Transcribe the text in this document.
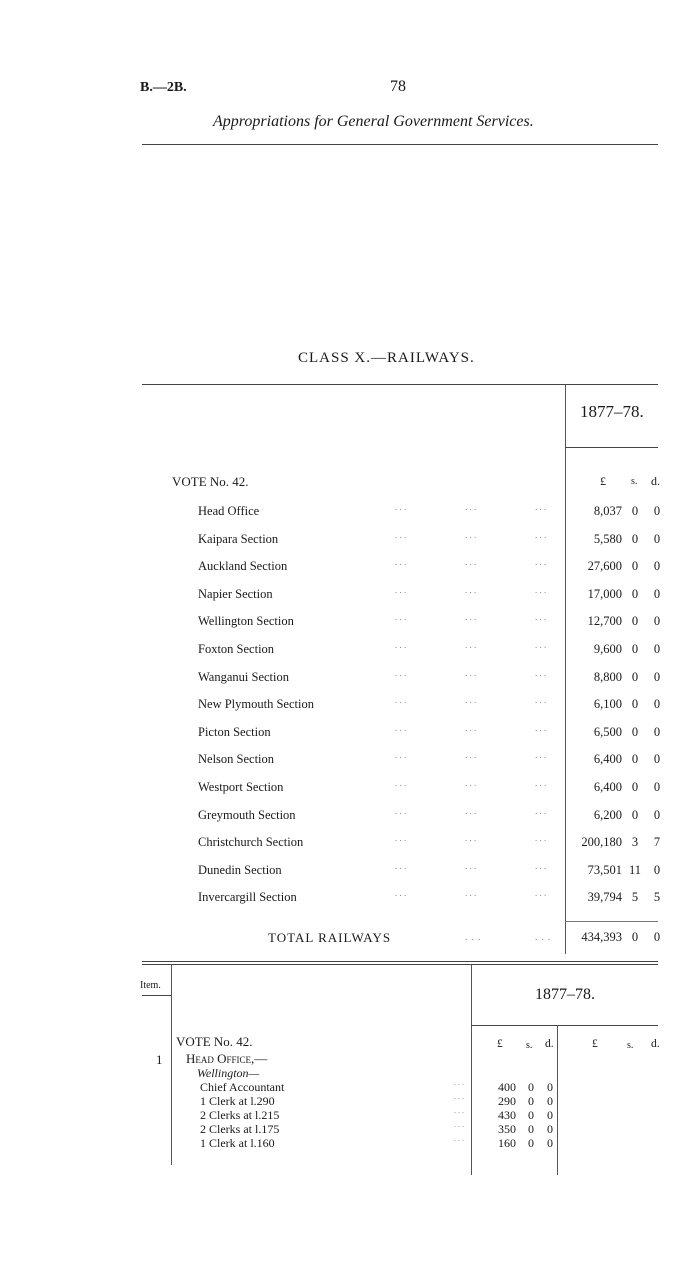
B.—2B.	78
Appropriations for General Government Services.
CLASS X.—RAILWAYS.
1877–78.
£	s. d.
VOTE No. 42.
Head Office	. . .	. . .	. . .	8,037 0	0
Kaipara Section	. . .	. . .	. . .	5,580 0	0
Auckland Section	. . .	. . .	. . .	27,600 0	0
Napier Section	. . .	. . .	. . .	17,000 0	0
Wellington Section	. . .	. . .	. . .	12,700 0	0
Foxton Section	. . .	. . .	. . .	9,600 0	0
Wanganui Section	. . .	. . .	. . .	8,800 0	0
New Plymouth Section	. . .	. . .	. . .	6,100 0	0
Picton Section	. . .	. . .	. . .	6,500 0	0
Nelson Section	. . .	. . .	. . .	6,400 0	0
Westport Section	. . .	. . .	. . .	6,400 0	0
Greymouth Section	. . .	. . .	. . .	6,200 0	0
Christchurch Section	. . .	. . .	. . .	200,180 3	7
Dunedin Section	. . .	. . .	. . .	73,501 11	0
Invercargill Section	. . .	. . .	. . .	39,794 5	5
TOTAL RAILWAYS	. . .	. . . 434,393 0	0
Item.
1877–78.
£ s. d.	£	s. d.
VOTE No. 42.
1 Head Office,—
Wellington—
Chief Accountant	. . .	400 0 0
1 Clerk at l.290	. . .	290 0 0
2 Clerks at l.215	. . .	430 0 0
2 Clerks at l.175	. . .	350 0 0
1 Clerk at l.160	. . .	160 0 0
